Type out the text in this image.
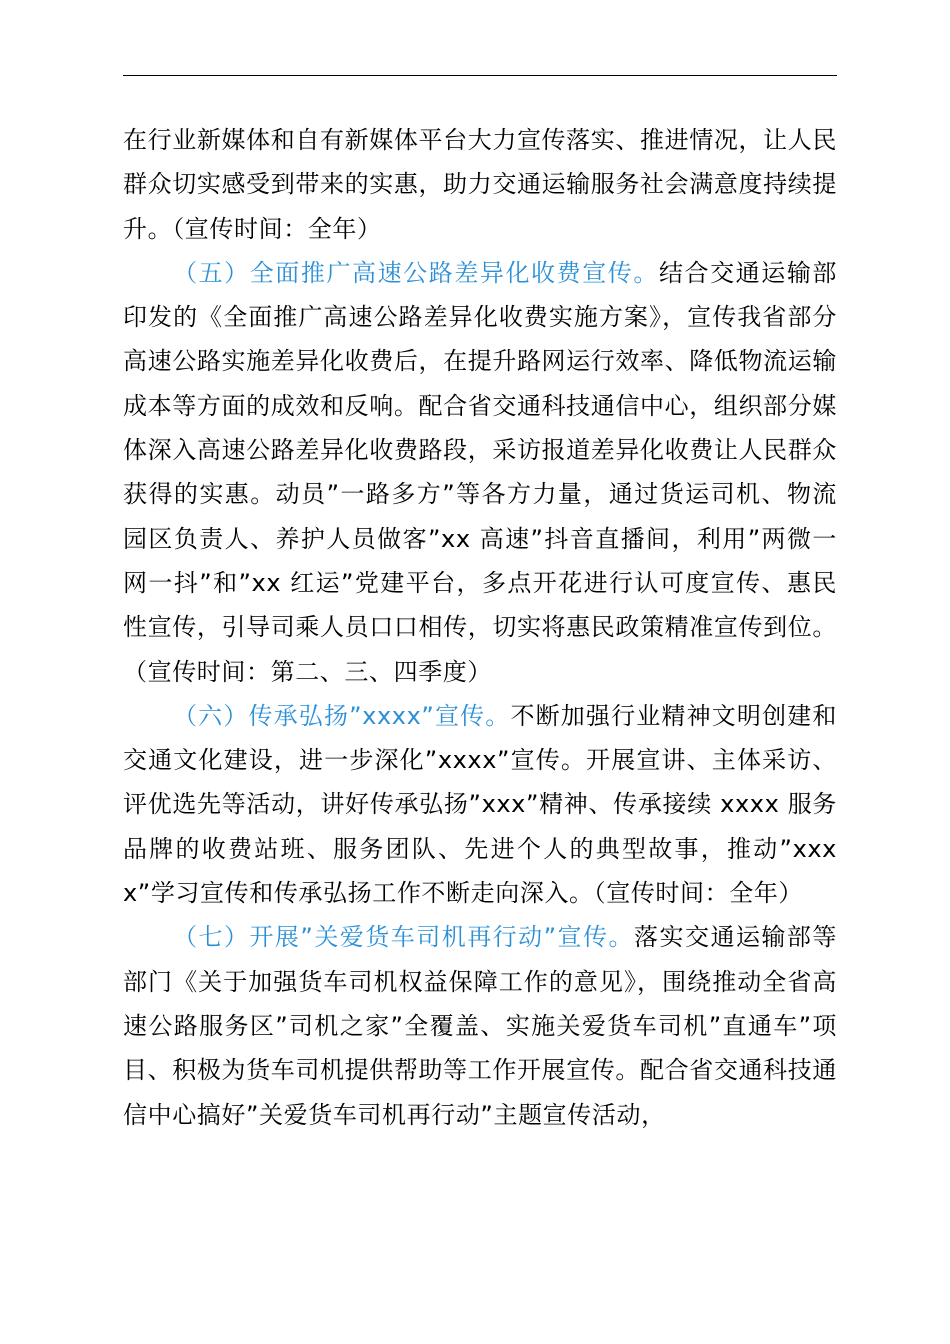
在行业新媒体和自有新媒体平台大力宣传落实、推进情况，让人民群众切实感受到带来的实惠，助力交通运输服务社会满意度持续提升。（宣传时间：全年）

（五）全面推广高速公路差异化收费宣传。结合交通运输部印发的《全面推广高速公路差异化收费实施方案》，宣传我省部分高速公路实施差异化收费后，在提升路网运行效率、降低物流运输成本等方面的成效和反响。配合省交通科技通信中心，组织部分媒体深入高速公路差异化收费路段，采访报道差异化收费让人民群众获得的实惠。动员”一路多方”等各方力量，通过货运司机、物流园区负责人、养护人员做客”xx 高速”抖音直播间，利用”两微一网一抖”和”xx 红运”党建平台，多点开花进行认可度宣传、惠民性宣传，引导司乘人员口口相传，切实将惠民政策精准宣传到位。（宣传时间：第二、三、四季度）

（六）传承弘扬”xxxx”宣传。不断加强行业精神文明创建和交通文化建设，进一步深化”xxxx”宣传。开展宣讲、主体采访、评优选先等活动，讲好传承弘扬”xxx”精神、传承接续 xxxx 服务品牌的收费站班、服务团队、先进个人的典型故事，推动”xxxx”学习宣传和传承弘扬工作不断走向深入。（宣传时间：全年）

（七）开展”关爱货车司机再行动”宣传。落实交通运输部等部门《关于加强货车司机权益保障工作的意见》，围绕推动全省高速公路服务区”司机之家”全覆盖、实施关爱货车司机”直通车”项目、积极为货车司机提供帮助等工作开展宣传。配合省交通科技通信中心搞好”关爱货车司机再行动”主题宣传活动，
